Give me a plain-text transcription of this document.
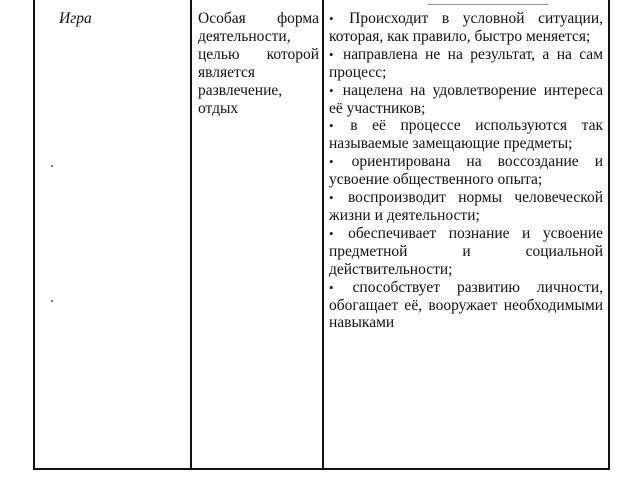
Игра	Особая форма деятельности, целью которой является развлечение, отдых

• Происходит в условной ситуации, которая, как правило, быстро меняется;

• направлена не на результат, а на сам процесс;

• нацелена на удовлетворение интереса её участников;

• в её процессе используются так называемые замещающие предметы;

• ориентирована на воссоздание и усвоение общественного опыта;

• воспроизводит нормы человеческой жизни и деятельности;

• обеспечивает познание и усвоение предметной и социальной действительности;

• способствует развитию личности, обогащает её, вооружает необходимыми навыками
